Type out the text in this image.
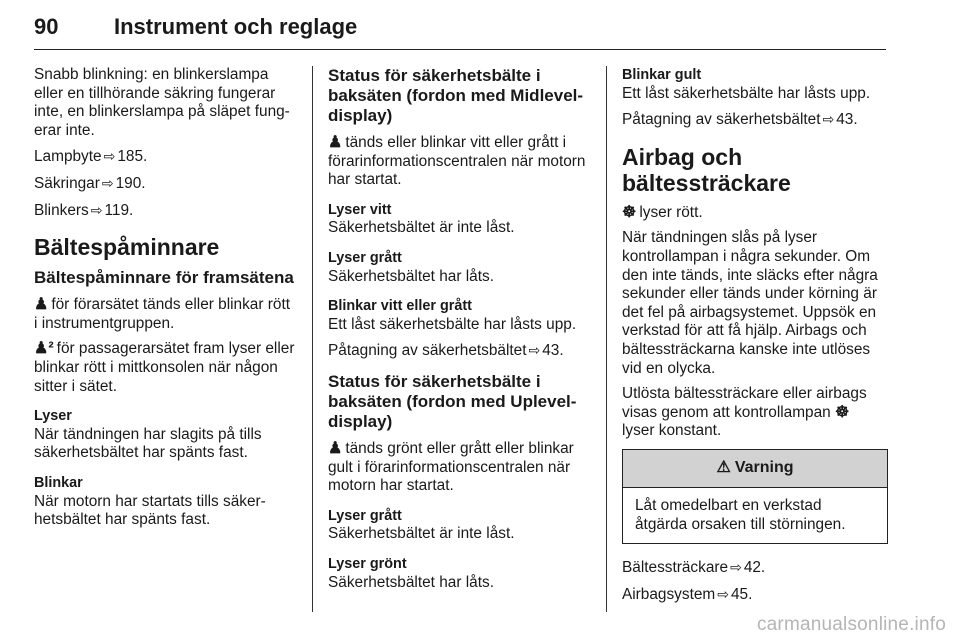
90	Instrument och reglage

Snabb blinkning: en blinkerslampa eller en tillhörande säkring fungerar inte, en blinkerslampa på släpet fung- erar inte.

Lampbyte ⇨ 185.

Säkringar ⇨ 190.

Blinkers ⇨ 119.

Bältespåminnare
Bältespåminnare för framsätena

♟ för förarsätet tänds eller blinkar rött i instrumentgruppen.

♟² för passagerarsätet fram lyser eller blinkar rött i mittkonsolen när någon sitter i sätet.

Lyser

När tändningen har slagits på tills säkerhetsbältet har spänts fast.

Blinkar

När motorn har startats tills säker- hetsbältet har spänts fast.

Status för säkerhetsbälte i baksäten (fordon med Midlevel- display)

♟ tänds eller blinkar vitt eller grått i förarinformationscentralen när motorn har startat.

Lyser vitt

Säkerhetsbältet är inte låst.

Lyser grått

Säkerhetsbältet har låts.

Blinkar vitt eller grått

Ett låst säkerhetsbälte har låsts upp.

Påtagning av säkerhetsbältet ⇨ 43.

Status för säkerhetsbälte i baksäten (fordon med Uplevel- display)

♟ tänds grönt eller grått eller blinkar gult i förarinformationscentralen när motorn har startat.

Lyser grått

Säkerhetsbältet är inte låst.

Lyser grönt

Säkerhetsbältet har låts.

Blinkar gult

Ett låst säkerhetsbälte har låsts upp.

Påtagning av säkerhetsbältet ⇨ 43.

Airbag och bältessträckare

☸ lyser rött.

När tändningen slås på lyser kontrollampan i några sekunder. Om den inte tänds, inte släcks efter några sekunder eller tänds under körning är det fel på airbagsystemet. Uppsök en verkstad för att få hjälp. Airbags och bältessträckarna kanske inte utlöses vid en olycka.

Utlösta bältessträckare eller airbags visas genom att kontrollampan ☸
lyser konstant.

⚠ Varning
Låt omedelbart en verkstad åtgärda orsaken till störningen.

Bältessträckare ⇨ 42.

Airbagsystem ⇨ 45.

carmanualsonline.info
